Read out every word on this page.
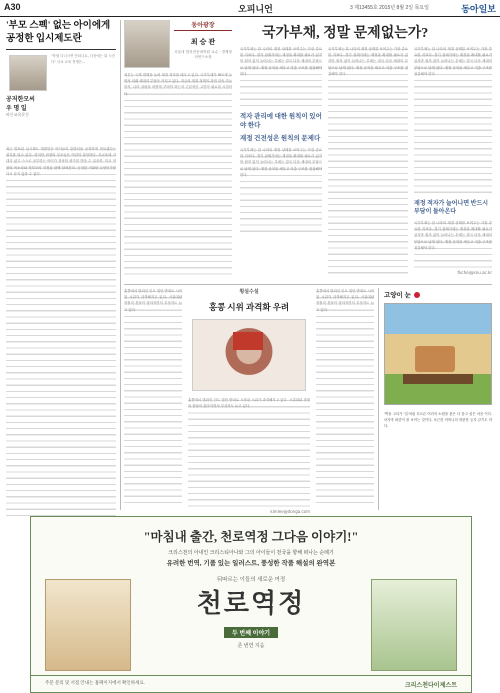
A30	오피니언	3 제13455호 2015년 8월 2일 목요일	동아일보
'부모 스펙' 없는 아이에게
공정한 입시제도란
공저한모씨
우 명 일
바른교육운동
"학원 다니시면 안되나요, 다음에는 뭐 시킨다" 사교 교육 경쟁은…
최근 발표된 입시제도 개편안은 아이들의 출발선을 공정하게 만들겠다는 취지를 담고 있다. 하지만 현장의 부모들은 여전히 불안하다. 사교육에 기대지 않고 스스로 공부하는 아이가 정당한 평가를 받을 수 있을까. 학교 현장의 목소리와 학부모의 걱정을 함께 살펴본다. 공정한 기회란 무엇인가를 다시 묻지 않을 수 없다.
동아광장
최 승 관
서울대 법학전문대학원 교수 · 경제정의연구소장
정부는 국채 발행을 늘려 재정 적자를 메우고 있다. 국가부채가 빠르게 늘면서 미래 세대의 부담은 커지고 있다. 지금의 재정 정책이 과연 지속 가능한지, 나라 살림을 어떻게 꾸려야 하는지 근본적인 고민이 필요한 시점이다.
국가부채, 정말 문제없는가?
국가부채는 한 나라의 재정 상태를 보여주는 가장 중요한 지표다. 경기 침체기에는 재정을 확대할 필요가 있지만 원칙 없이 늘어나는 부채는 결국 다음 세대의 부담으로 남게 된다. 재정 준칙을 세우고 지출 구조를 점검해야 한다.
적자 관리에 대한 원칙이 있어야 한다
재정 건전성은 원칙의 문제다
국가부채는 한 나라의 재정 상태를 보여주는 가장 중요한 지표다. 경기 침체기에는 재정을 확대할 필요가 있지만 원칙 없이 늘어나는 부채는 결국 다음 세대의 부담으로 남게 된다. 재정 준칙을 세우고 지출 구조를 점검해야 한다.
국가부채는 한 나라의 재정 상태를 보여주는 가장 중요한 지표다. 경기 침체기에는 재정을 확대할 필요가 있지만 원칙 없이 늘어나는 부채는 결국 다음 세대의 부담으로 남게 된다. 재정 준칙을 세우고 지출 구조를 점검해야 한다.
국가부채는 한 나라의 재정 상태를 보여주는 가장 중요한 지표다. 경기 침체기에는 재정을 확대할 필요가 있지만 원칙 없이 늘어나는 부채는 결국 다음 세대의 부담으로 남게 된다. 재정 준칙을 세우고 지출 구조를 점검해야 한다.
재정 적자가 늘어나면 반드시 부담이 돌아온다
국가부채는 한 나라의 재정 상태를 보여주는 가장 중요한 지표다. 경기 침체기에는 재정을 확대할 필요가 있지만 원칙 없이 늘어나는 부채는 결국 다음 세대의 부담으로 남게 된다. 재정 준칙을 세우고 지출 구조를 점검해야 한다.
tkchoi@snu.ac.kr
홍콩에서 범죄인 인도 법안 반대로 시작된 시위가 과격해지고 있다. 시위대와 경찰의 충돌이 잦아지면서 부상자도 늘고 있다.
횡설수설
홍콩 시위 과격화 우려
홍콩에서 범죄인 인도 법안 반대로 시작된 시위가 과격해지고 있다. 시위대와 경찰의 충돌이 잦아지면서 부상자도 늘고 있다.
kimlee@donga.com
홍콩에서 범죄인 인도 법안 반대로 시작된 시위가 과격해지고 있다. 시위대와 경찰의 충돌이 잦아지면서 부상자도 늘고 있다.
고양이 눈
'벽돌 고리가 '설'처럼 푸르른 어리석 소원을 품은 다 꽃고 싶은 마음 이다. 마지막 퍼즐이 잘 보이는 것이다. 포근한 어머니의 따뜻한 둥지 같기도 하다.
"마침내 출간, 천로역정 그다음 이야기!"
크리스천의 아내인 크리스티아나와 그의 아이들이 천국을 향해 떠나는 순례기
유려한 번역, 기품 있는 일러스트, 풍성한 작품 해설의 완역본
뒤따르는 이들의 새로운 여정
천로역정
두 번째 이야기
존 번연 지음
주문 문의 및 서점 안내는 홈페이지에서 확인하세요.
크리스천다이제스트
